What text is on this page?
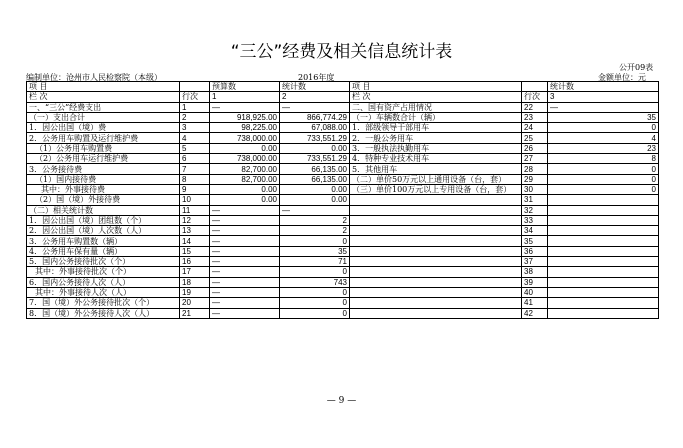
“三公”经费及相关信息统计表
公开09表
编制单位：沧州市人民检察院（本级）	2016年度	金额单位：元
项 目		预算数	统计数	项 目		统计数
栏 次	行次	1	2	栏 次	行次	3
一、“三公”经费支出	1	—	—	二、国有资产占用情况	22	—
（一）支出合计	2	918,925.00	866,774.29	（一）车辆数合计（辆）	23	35
1．因公出国（境）费	3	98,225.00	67,088.00	1．部级领导干部用车	24	0
2．公务用车购置及运行维护费	4	738,000.00	733,551.29	2．一般公务用车	25	4
（1）公务用车购置费	5	0.00	0.00	3．一般执法执勤用车	26	23
（2）公务用车运行维护费	6	738,000.00	733,551.29	4．特种专业技术用车	27	8
3．公务接待费	7	82,700.00	66,135.00	5．其他用车	28	0
（1）国内接待费	8	82,700.00	66,135.00	（二）单价50万元以上通用设备（台，套）	29	0
其中：外事接待费	9	0.00	0.00	（三）单价100万元以上专用设备（台，套）	30	0
（2）国（境）外接待费	10	0.00	0.00		31	
（二）相关统计数	11	—	—		32	
1．因公出国（境）团组数（个）	12	—	2		33	
2．因公出国（境）人次数（人）	13	—	2		34	
3．公务用车购置数（辆）	14	—	0		35	
4．公务用车保有量（辆）	15	—	35		36	
5．国内公务接待批次（个）	16	—	71		37	
其中：外事接待批次（个）	17	—	0		38	
6．国内公务接待人次（人）	18	—	743		39	
其中：外事接待人次（人）	19	—	0		40	
7．国（境）外公务接待批次（个）	20	—	0		41	
8．国（境）外公务接待人次（人）	21	—	0		42	
— 9 —
